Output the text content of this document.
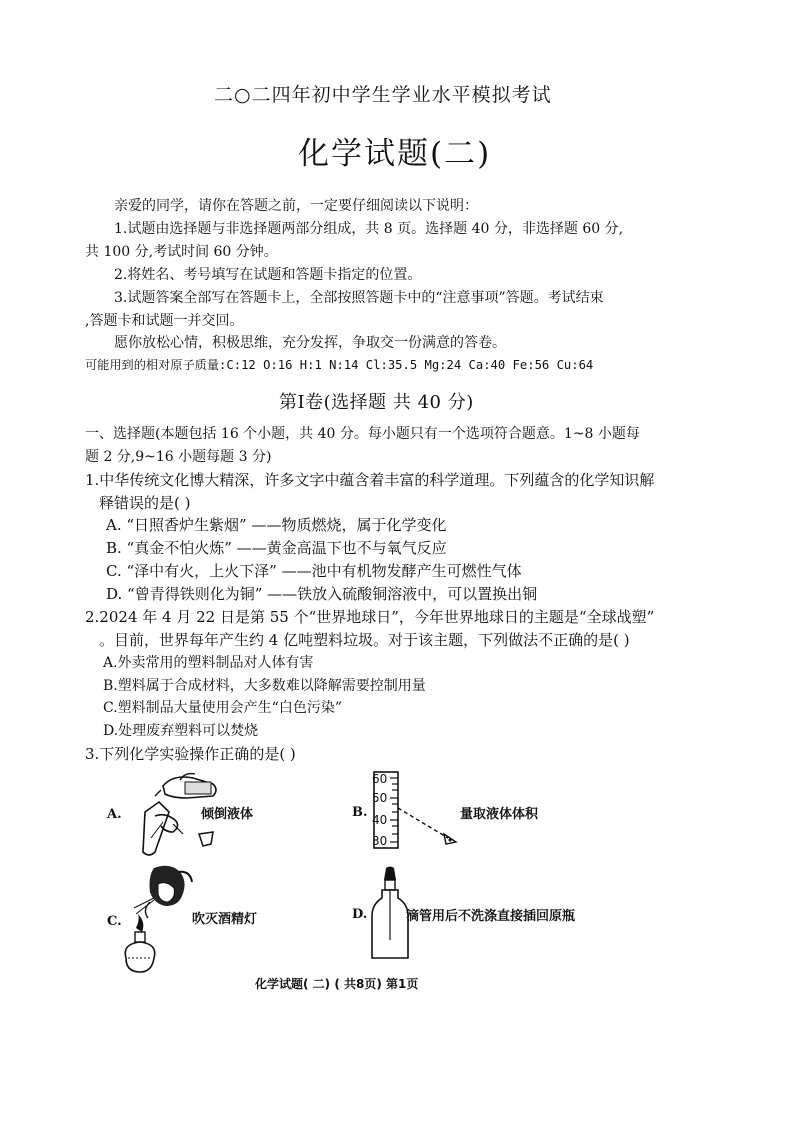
二○二四年初中学生学业水平模拟考试
化学试题(二)
亲爱的同学，请你在答题之前，一定要仔细阅读以下说明：
1.试题由选择题与非选择题两部分组成，共 8 页。选择题 40 分，非选择题 60 分,
共 100 分,考试时间 60 分钟。
2.将姓名、考号填写在试题和答题卡指定的位置。
3.试题答案全部写在答题卡上，全部按照答题卡中的“注意事项”答题。考试结束
,答题卡和试题一并交回。
愿你放松心情，积极思维，充分发挥，争取交一份满意的答卷。
可能用到的相对原子质量:C:12 O:16 H:1 N:14 Cl:35.5 Mg:24 Ca:40 Fe:56 Cu:64
第Ⅰ卷(选择题 共 40 分)
一、选择题(本题包括 16 个小题，共 40 分。每小题只有一个选项符合题意。1~8 小题每
题 2 分,9~16 小题每题 3 分)
1.中华传统文化博大精深，许多文字中蕴含着丰富的科学道理。下列蕴含的化学知识解
释错误的是( )
A. “日照香炉生紫烟” ——物质燃烧，属于化学变化
B. “真金不怕火炼” ——黄金高温下也不与氧气反应
C. “泽中有火，上火下泽” ——池中有机物发酵产生可燃性气体
D. “曾青得铁则化为铜” ——铁放入硫酸铜溶液中，可以置换出铜
2.2024 年 4 月 22 日是第 55 个“世界地球日”，今年世界地球日的主题是“全球战塑”
。目前，世界每年产生约 4 亿吨塑料垃圾。对于该主题，下列做法不正确的是( )
A.外卖常用的塑料制品对人体有害
B.塑料属于合成材料，大多数难以降解需要控制用量
C.塑料制品大量使用会产生“白色污染”
D.处理废弃塑料可以焚烧
3.下列化学实验操作正确的是( )
A.	倾倒液体	B.
60
50
40
30
量取液体体积
C.	吹灭酒精灯	D.	滴管用后不洗涤直接插回原瓶
化学试题( 二) ( 共8页) 第1页
